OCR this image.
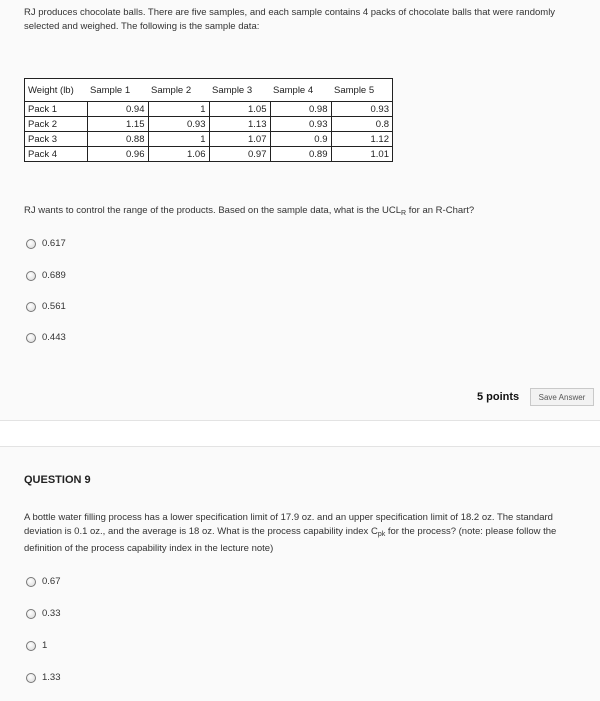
RJ produces chocolate balls. There are five samples, and each sample contains 4 packs of chocolate balls that were randomly selected and weighed. The following is the sample data:
Weight (lb)	Sample 1	Sample 2	Sample 3	Sample 4	Sample 5
Pack 1	0.94	1	1.05	0.98	0.93
Pack 2	1.15	0.93	1.13	0.93	0.8
Pack 3	0.88	1	1.07	0.9	1.12
Pack 4	0.96	1.06	0.97	0.89	1.01
RJ wants to control the range of the products. Based on the sample data, what is the $UCL_R$ for an R-Chart?
0.617
0.689
0.561
0.443
5 points	Save Answer
QUESTION 9
A bottle water filling process has a lower specification limit of 17.9 oz. and an upper specification limit of 18.2 oz. The standard deviation is 0.1 oz., and the average is 18 oz. What is the process capability index $C_{pk}$ for the process? (note: please follow the definition of the process capability index in the lecture note)
0.67
0.33
1
1.33
